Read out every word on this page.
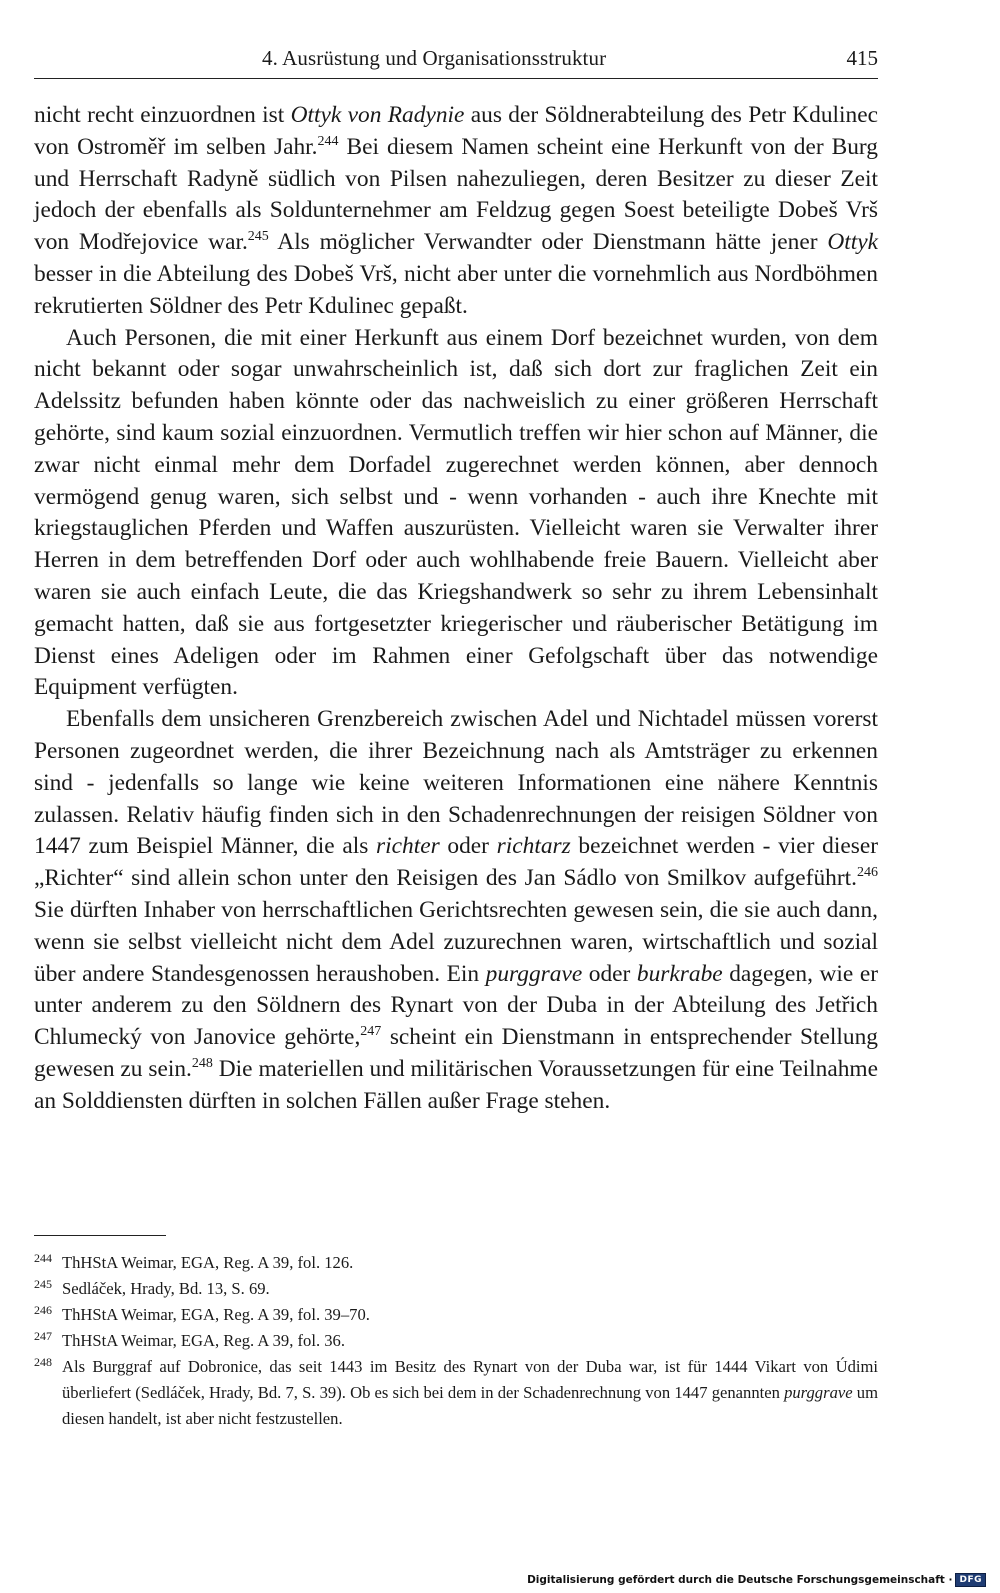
4. Ausrüstung und Organisationsstruktur	415

nicht recht einzuordnen ist Ottyk von Radynie aus der Söldnerabteilung des Petr Kdulinec von Ostroměř im selben Jahr.$^{244}$ Bei diesem Namen scheint eine Herkunft von der Burg und Herrschaft Radyně südlich von Pilsen nahezuliegen, deren Besitzer zu dieser Zeit jedoch der ebenfalls als Soldunternehmer am Feldzug gegen Soest beteiligte Dobeš Vrš von Modřejovice war.$^{245}$ Als möglicher Verwandter oder Dienstmann hätte jener Ottyk besser in die Abteilung des Dobeš Vrš, nicht aber unter die vornehmlich aus Nordböhmen rekrutierten Söldner des Petr Kdulinec gepaßt.

Auch Personen, die mit einer Herkunft aus einem Dorf bezeichnet wurden, von dem nicht bekannt oder sogar unwahrscheinlich ist, daß sich dort zur fraglichen Zeit ein Adelssitz befunden haben könnte oder das nachweislich zu einer größeren Herrschaft gehörte, sind kaum sozial einzuordnen. Vermutlich treffen wir hier schon auf Männer, die zwar nicht einmal mehr dem Dorfadel zugerechnet werden können, aber dennoch vermögend genug waren, sich selbst und - wenn vorhanden - auch ihre Knechte mit kriegstauglichen Pferden und Waffen auszurüsten. Vielleicht waren sie Verwalter ihrer Herren in dem betreffenden Dorf oder auch wohlhabende freie Bauern. Vielleicht aber waren sie auch einfach Leute, die das Kriegshandwerk so sehr zu ihrem Lebensinhalt gemacht hatten, daß sie aus fortgesetzter kriegerischer und räuberischer Betätigung im Dienst eines Adeligen oder im Rahmen einer Gefolgschaft über das notwendige Equipment verfügten.

Ebenfalls dem unsicheren Grenzbereich zwischen Adel und Nichtadel müssen vorerst Personen zugeordnet werden, die ihrer Bezeichnung nach als Amtsträger zu erkennen sind - jedenfalls so lange wie keine weiteren Informationen eine nähere Kenntnis zulassen. Relativ häufig finden sich in den Schadenrechnungen der reisigen Söldner von 1447 zum Beispiel Männer, die als richter oder richtarz bezeichnet werden - vier dieser „Richter“ sind allein schon unter den Reisigen des Jan Sádlo von Smilkov aufgeführt.$^{246}$ Sie dürften Inhaber von herrschaftlichen Gerichtsrechten gewesen sein, die sie auch dann, wenn sie selbst vielleicht nicht dem Adel zuzurechnen waren, wirtschaftlich und sozial über andere Standesgenossen heraushoben. Ein purggrave oder burkrabe dagegen, wie er unter anderem zu den Söldnern des Rynart von der Duba in der Abteilung des Jetřich Chlumecký von Janovice gehörte,$^{247}$ scheint ein Dienstmann in entsprechender Stellung gewesen zu sein.$^{248}$ Die materiellen und militärischen Voraussetzungen für eine Teilnahme an Solddiensten dürften in solchen Fällen außer Frage stehen.

244 ThHStA Weimar, EGA, Reg. A 39, fol. 126.
245 Sedláček, Hrady, Bd. 13, S. 69.
246 ThHStA Weimar, EGA, Reg. A 39, fol. 39–70.
247 ThHStA Weimar, EGA, Reg. A 39, fol. 36.
248 Als Burggraf auf Dobronice, das seit 1443 im Besitz des Rynart von der Duba war, ist für 1444 Vikart von Údimi überliefert (Sedláček, Hrady, Bd. 7, S. 39). Ob es sich bei dem in der Schadenrechnung von 1447 genannten purggrave um diesen handelt, ist aber nicht festzustellen.
Digitalisierung gefördert durch die Deutsche Forschungsgemeinschaft · DFG
